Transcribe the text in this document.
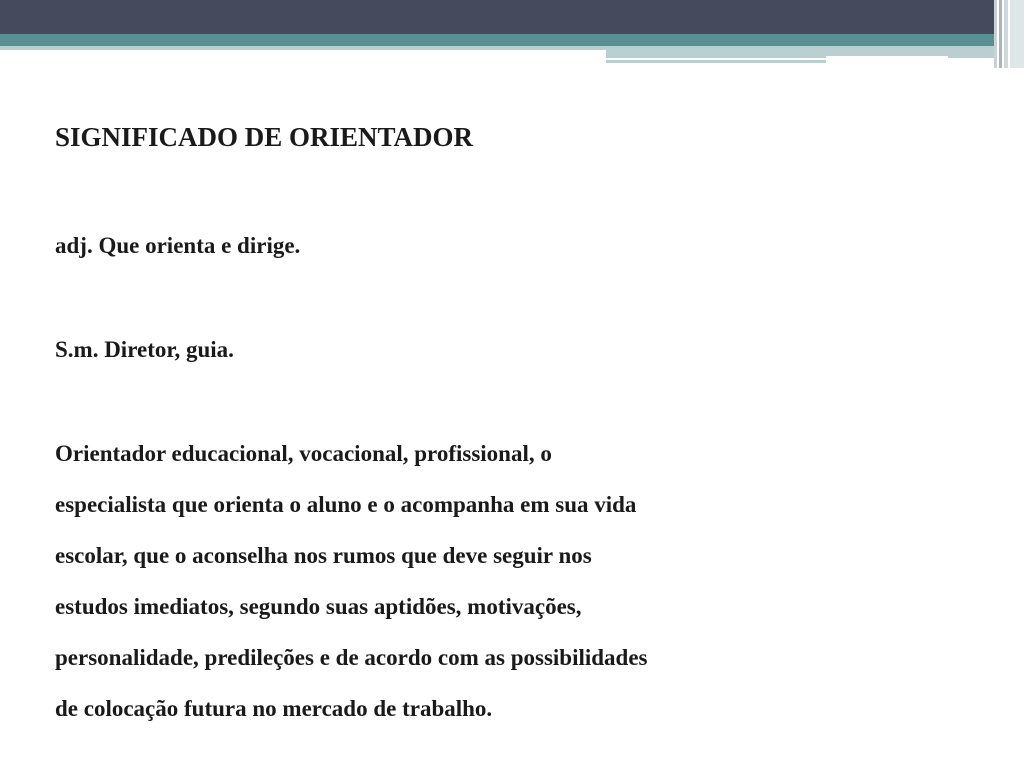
SIGNIFICADO DE ORIENTADOR

adj. Que orienta e dirige.

S.m. Diretor, guia.

Orientador educacional, vocacional, profissional, o

especialista que orienta o aluno e o acompanha em sua vida

escolar, que o aconselha nos rumos que deve seguir nos

estudos imediatos, segundo suas aptidões, motivações,

personalidade, predileções e de acordo com as possibilidades

de colocação futura no mercado de trabalho.
